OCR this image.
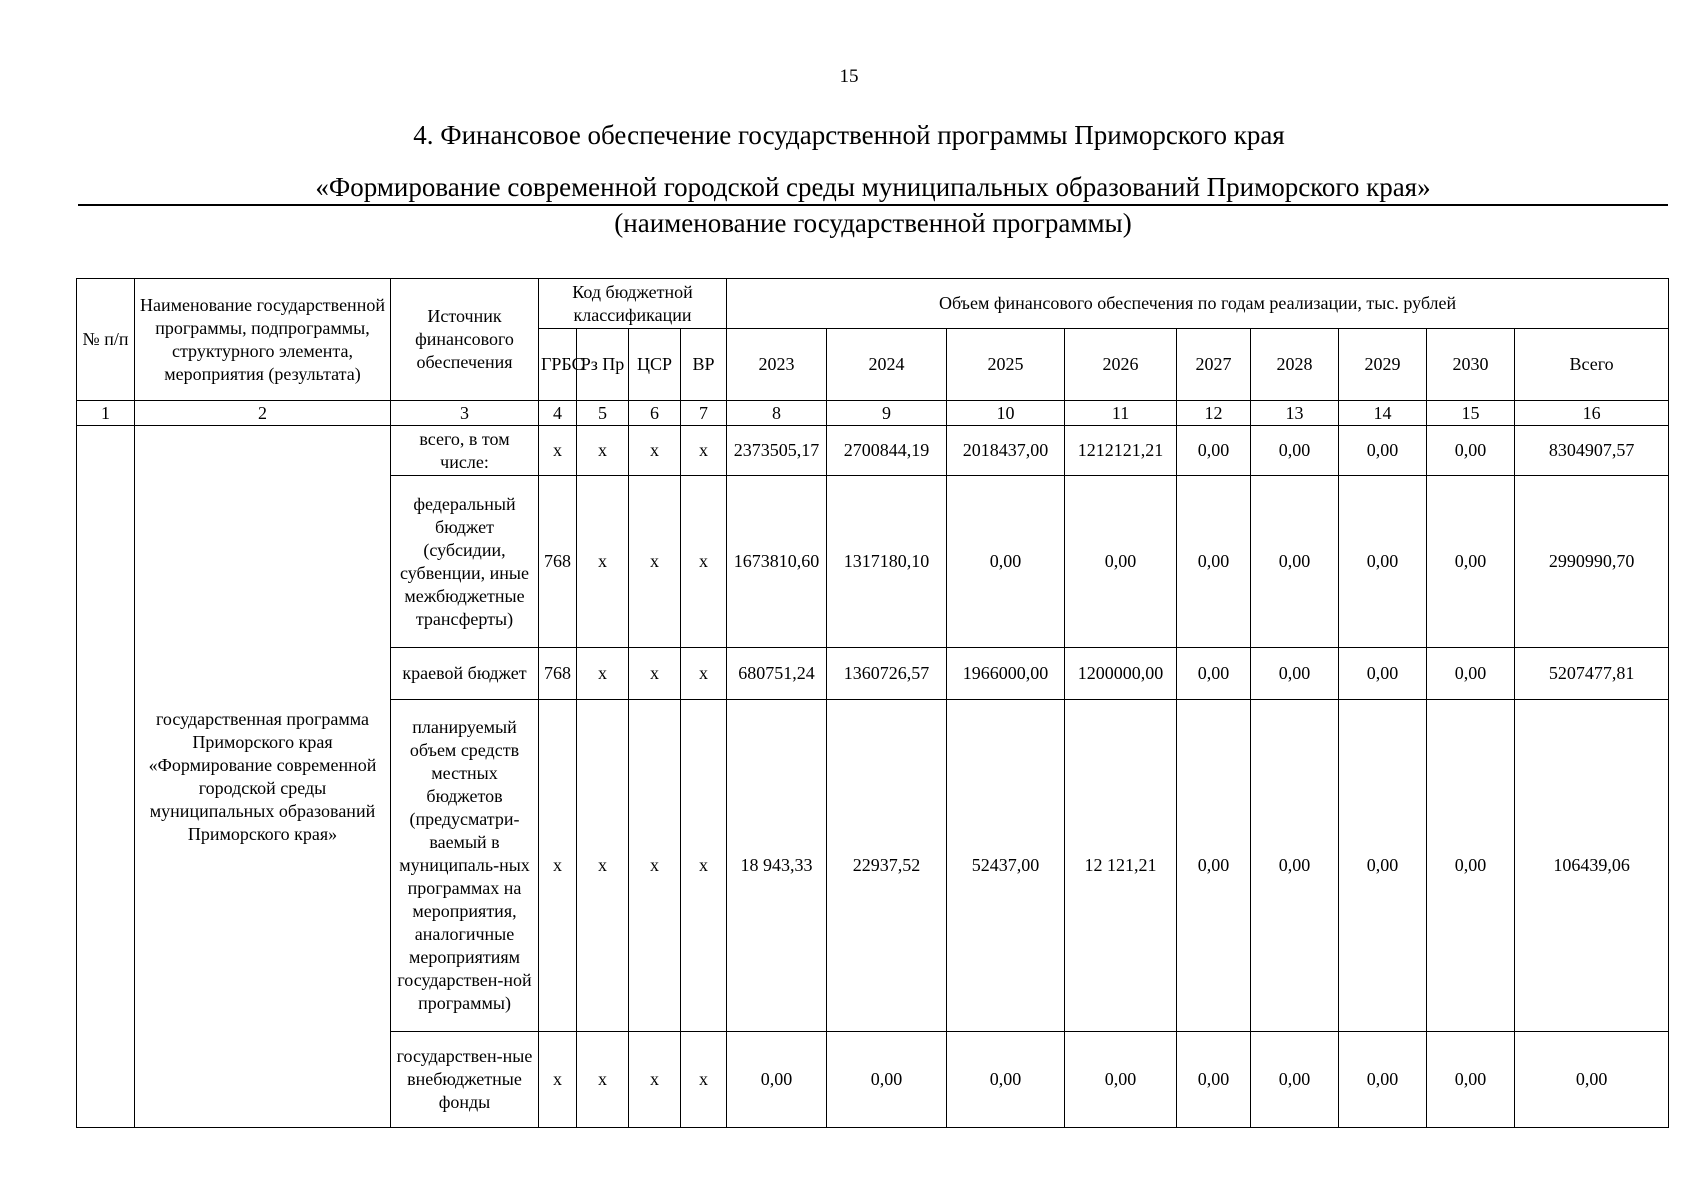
15
4. Финансовое обеспечение государственной программы Приморского края
«Формирование современной городской среды муниципальных образований Приморского края»
(наименование государственной программы)
№ п/п	Наименование государственной программы, подпрограммы, структурного элемента, мероприятия (результата)	Источник финансового обеспечения	Код бюджетной классификации				Объем финансового обеспечения по годам реализации, тыс. рублей								
			ГРБС	Рз Пр	ЦСР	ВР	2023	2024	2025	2026	2027	2028	2029	2030	Всего
1	2	3	4	5	6	7	8	9	10	11	12	13	14	15	16
	государственная программа Приморского края «Формирование современной городской среды муниципальных образований Приморского края»	всего, в том числе:	x	x	x	x	2373505,17	2700844,19	2018437,00	1212121,21	0,00	0,00	0,00	0,00	8304907,57
		федеральный бюджет (субсидии, субвенции, иные межбюджетные трансферты)	768	x	x	x	1673810,60	1317180,10	0,00	0,00	0,00	0,00	0,00	0,00	2990990,70
		краевой бюджет	768	x	x	x	680751,24	1360726,57	1966000,00	1200000,00	0,00	0,00	0,00	0,00	5207477,81
		планируемый объем средств местных бюджетов (предусматри-ваемый в муниципаль-ных программах на мероприятия, аналогичные мероприятиям государствен-ной программы)	x	x	x	x	18 943,33	22937,52	52437,00	12 121,21	0,00	0,00	0,00	0,00	106439,06
		государствен-ные внебюджетные фонды	x	x	x	x	0,00	0,00	0,00	0,00	0,00	0,00	0,00	0,00	0,00
